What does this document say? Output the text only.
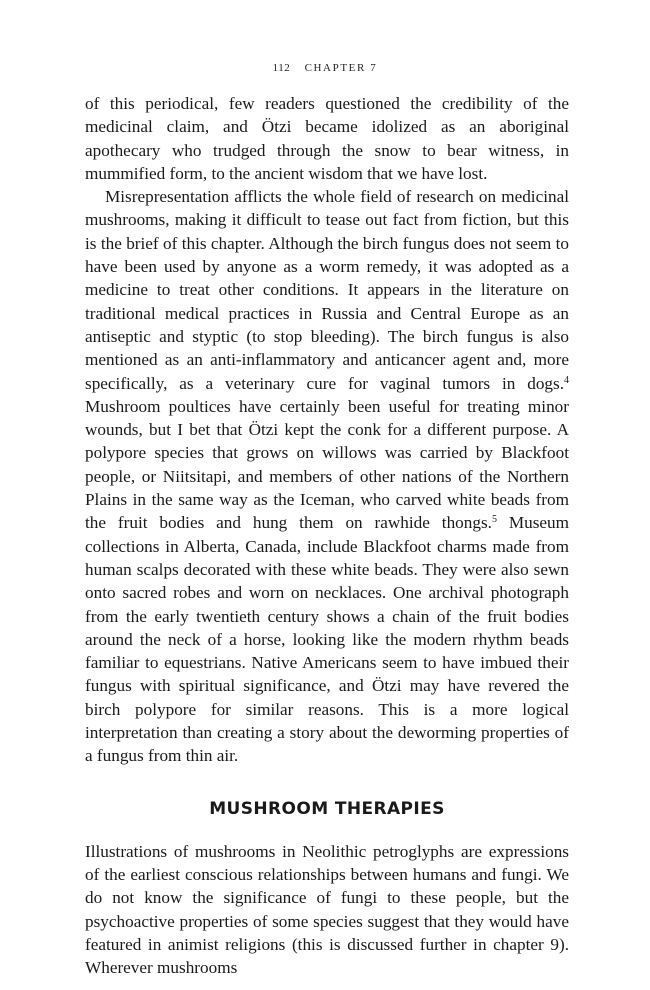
112 CHAPTER 7

of this periodical, few readers questioned the credibility of the medicinal claim, and Ötzi became idolized as an aboriginal apothecary who trudged through the snow to bear witness, in mummified form, to the ancient wisdom that we have lost.

Misrepresentation afflicts the whole field of research on medicinal mushrooms, making it difficult to tease out fact from fiction, but this is the brief of this chapter. Although the birch fungus does not seem to have been used by anyone as a worm remedy, it was adopted as a medicine to treat other conditions. It appears in the literature on traditional medical practices in Russia and Central Europe as an antiseptic and styptic (to stop bleeding). The birch fungus is also mentioned as an anti-inflammatory and anticancer agent and, more specifically, as a veterinary cure for vaginal tumors in dogs.$^4$ Mushroom poultices have certainly been useful for treating minor wounds, but I bet that Ötzi kept the conk for a different purpose. A polypore species that grows on willows was carried by Blackfoot people, or Niitsitapi, and members of other nations of the Northern Plains in the same way as the Iceman, who carved white beads from the fruit bodies and hung them on rawhide thongs.$^5$ Museum collections in Alberta, Canada, include Blackfoot charms made from human scalps decorated with these white beads. They were also sewn onto sacred robes and worn on necklaces. One archival photograph from the early twentieth century shows a chain of the fruit bodies around the neck of a horse, looking like the modern rhythm beads familiar to equestrians. Native Americans seem to have imbued their fungus with spiritual significance, and Ötzi may have revered the birch polypore for similar reasons. This is a more logical interpretation than creating a story about the deworming properties of a fungus from thin air.

MUSHROOM THERAPIES

Illustrations of mushrooms in Neolithic petroglyphs are expressions of the earliest conscious relationships between humans and fungi. We do not know the significance of fungi to these people, but the psychoactive properties of some species suggest that they would have featured in animist religions (this is discussed further in chapter 9). Wherever mushrooms
